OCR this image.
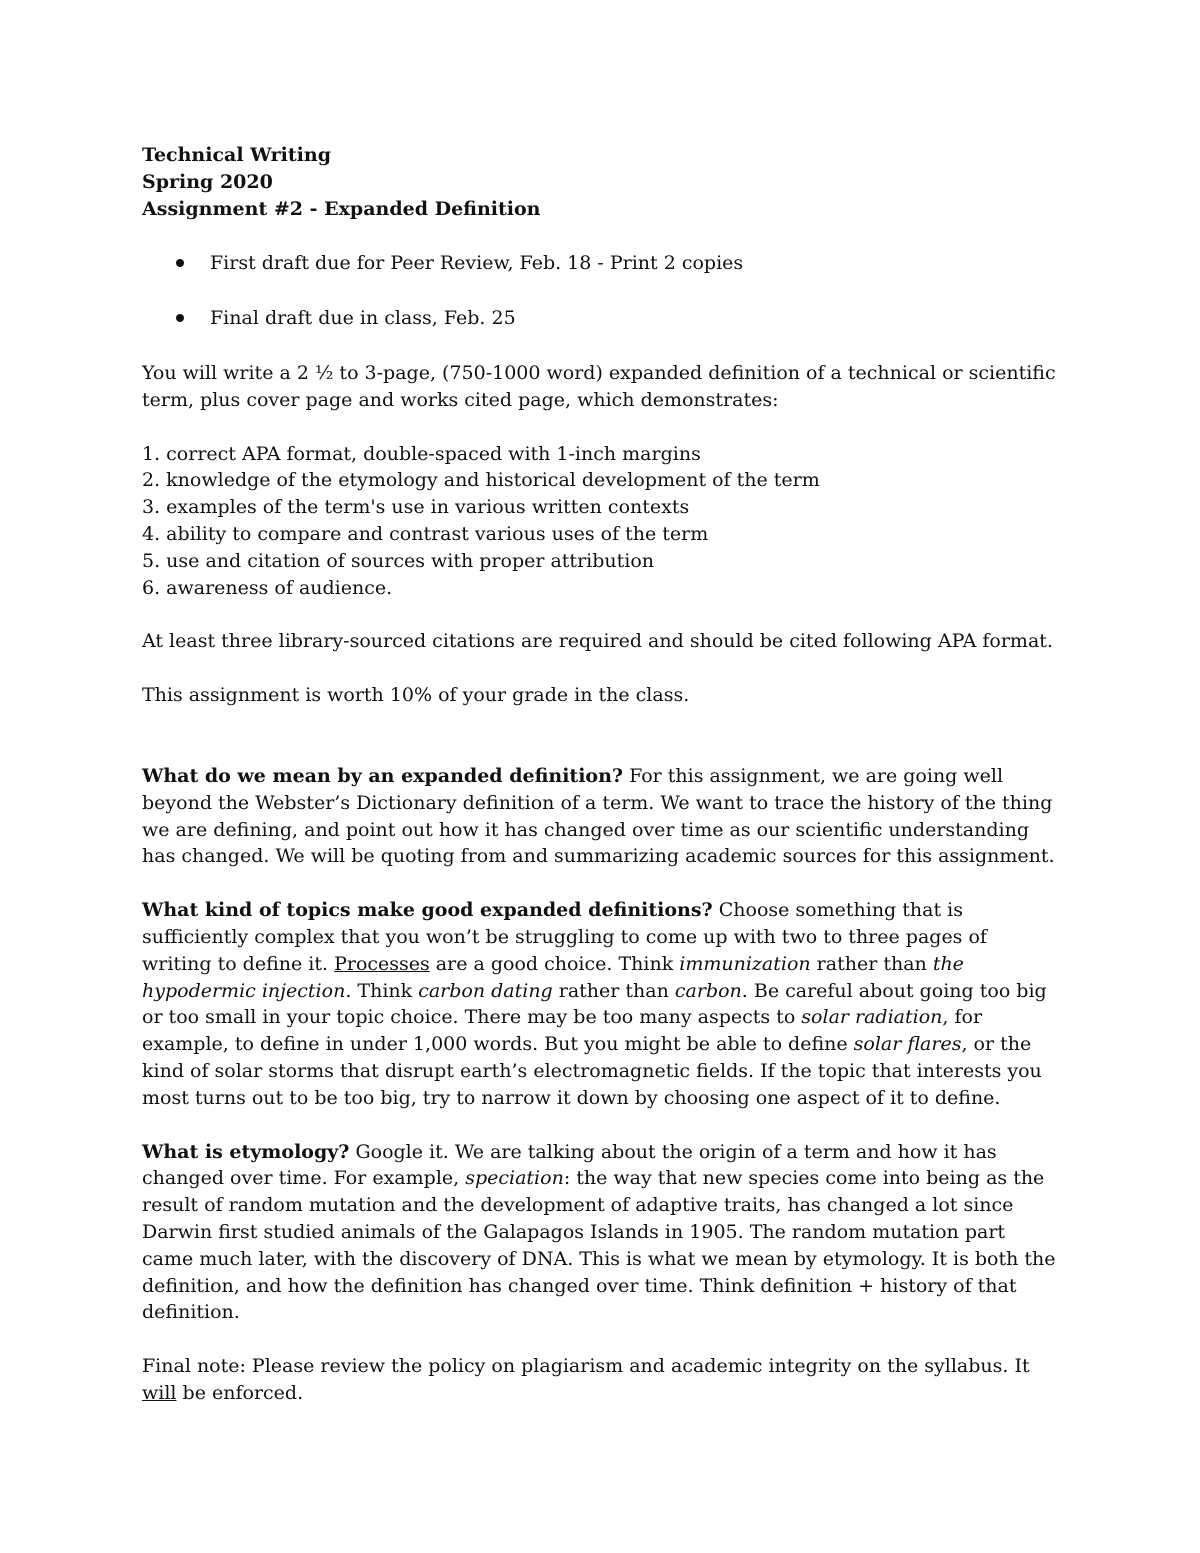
Technical Writing
Spring 2020
Assignment #2 - Expanded Definition
First draft due for Peer Review, Feb. 18 - Print 2 copies
Final draft due in class, Feb. 25

You will write a 2 ½ to 3-page, (750-1000 word) expanded definition of a technical or scientific term, plus cover page and works cited page, which demonstrates:

1. correct APA format, double-spaced with 1-inch margins
2. knowledge of the etymology and historical development of the term
3. examples of the term's use in various written contexts
4. ability to compare and contrast various uses of the term
5. use and citation of sources with proper attribution
6. awareness of audience.

At least three library-sourced citations are required and should be cited following APA format.

This assignment is worth 10% of your grade in the class.

What do we mean by an expanded definition? For this assignment, we are going well beyond the Webster’s Dictionary definition of a term. We want to trace the history of the thing we are defining, and point out how it has changed over time as our scientific understanding has changed. We will be quoting from and summarizing academic sources for this assignment.

What kind of topics make good expanded definitions? Choose something that is sufficiently complex that you won’t be struggling to come up with two to three pages of writing to define it. Processes are a good choice. Think immunization rather than the hypodermic injection. Think carbon dating rather than carbon. Be careful about going too big or too small in your topic choice. There may be too many aspects to solar radiation, for example, to define in under 1,000 words. But you might be able to define solar flares, or the kind of solar storms that disrupt earth’s electromagnetic fields. If the topic that interests you most turns out to be too big, try to narrow it down by choosing one aspect of it to define.

What is etymology? Google it. We are talking about the origin of a term and how it has changed over time. For example, speciation: the way that new species come into being as the result of random mutation and the development of adaptive traits, has changed a lot since Darwin first studied animals of the Galapagos Islands in 1905. The random mutation part came much later, with the discovery of DNA. This is what we mean by etymology. It is both the definition, and how the definition has changed over time. Think definition + history of that definition.

Final note: Please review the policy on plagiarism and academic integrity on the syllabus. It will be enforced.
